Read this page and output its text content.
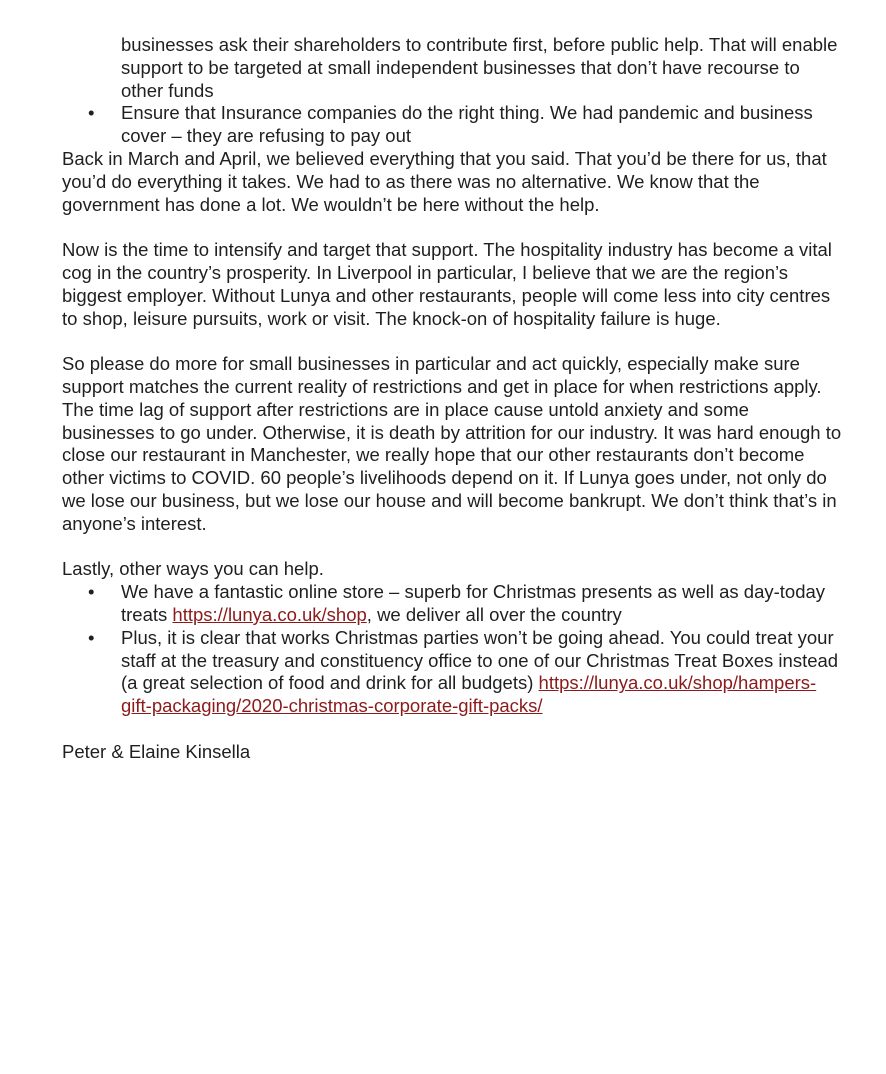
businesses ask their shareholders to contribute first, before public help. That will enable support to be targeted at small independent businesses that don’t have recourse to other funds
• Ensure that Insurance companies do the right thing. We had pandemic and business cover – they are refusing to pay out

Back in March and April, we believed everything that you said. That you’d be there for us, that you’d do everything it takes. We had to as there was no alternative. We know that the government has done a lot. We wouldn’t be here without the help.

Now is the time to intensify and target that support. The hospitality industry has become a vital cog in the country’s prosperity. In Liverpool in particular, I believe that we are the region’s biggest employer. Without Lunya and other restaurants, people will come less into city centres to shop, leisure pursuits, work or visit. The knock-on of hospitality failure is huge.

So please do more for small businesses in particular and act quickly, especially make sure support matches the current reality of restrictions and get in place for when restrictions apply. The time lag of support after restrictions are in place cause untold anxiety and some businesses to go under. Otherwise, it is death by attrition for our industry. It was hard enough to close our restaurant in Manchester, we really hope that our other restaurants don’t become other victims to COVID. 60 people’s livelihoods depend on it. If Lunya goes under, not only do we lose our business, but we lose our house and will become bankrupt. We don’t think that’s in anyone’s interest.

Lastly, other ways you can help.

• We have a fantastic online store – superb for Christmas presents as well as day-today treats https://lunya.co.uk/shop, we deliver all over the country
• Plus, it is clear that works Christmas parties won’t be going ahead. You could treat your staff at the treasury and constituency office to one of our Christmas Treat Boxes instead (a great selection of food and drink for all budgets) https://lunya.co.uk/shop/hampers-gift-packaging/2020-christmas-corporate-gift-packs/

Peter & Elaine Kinsella
